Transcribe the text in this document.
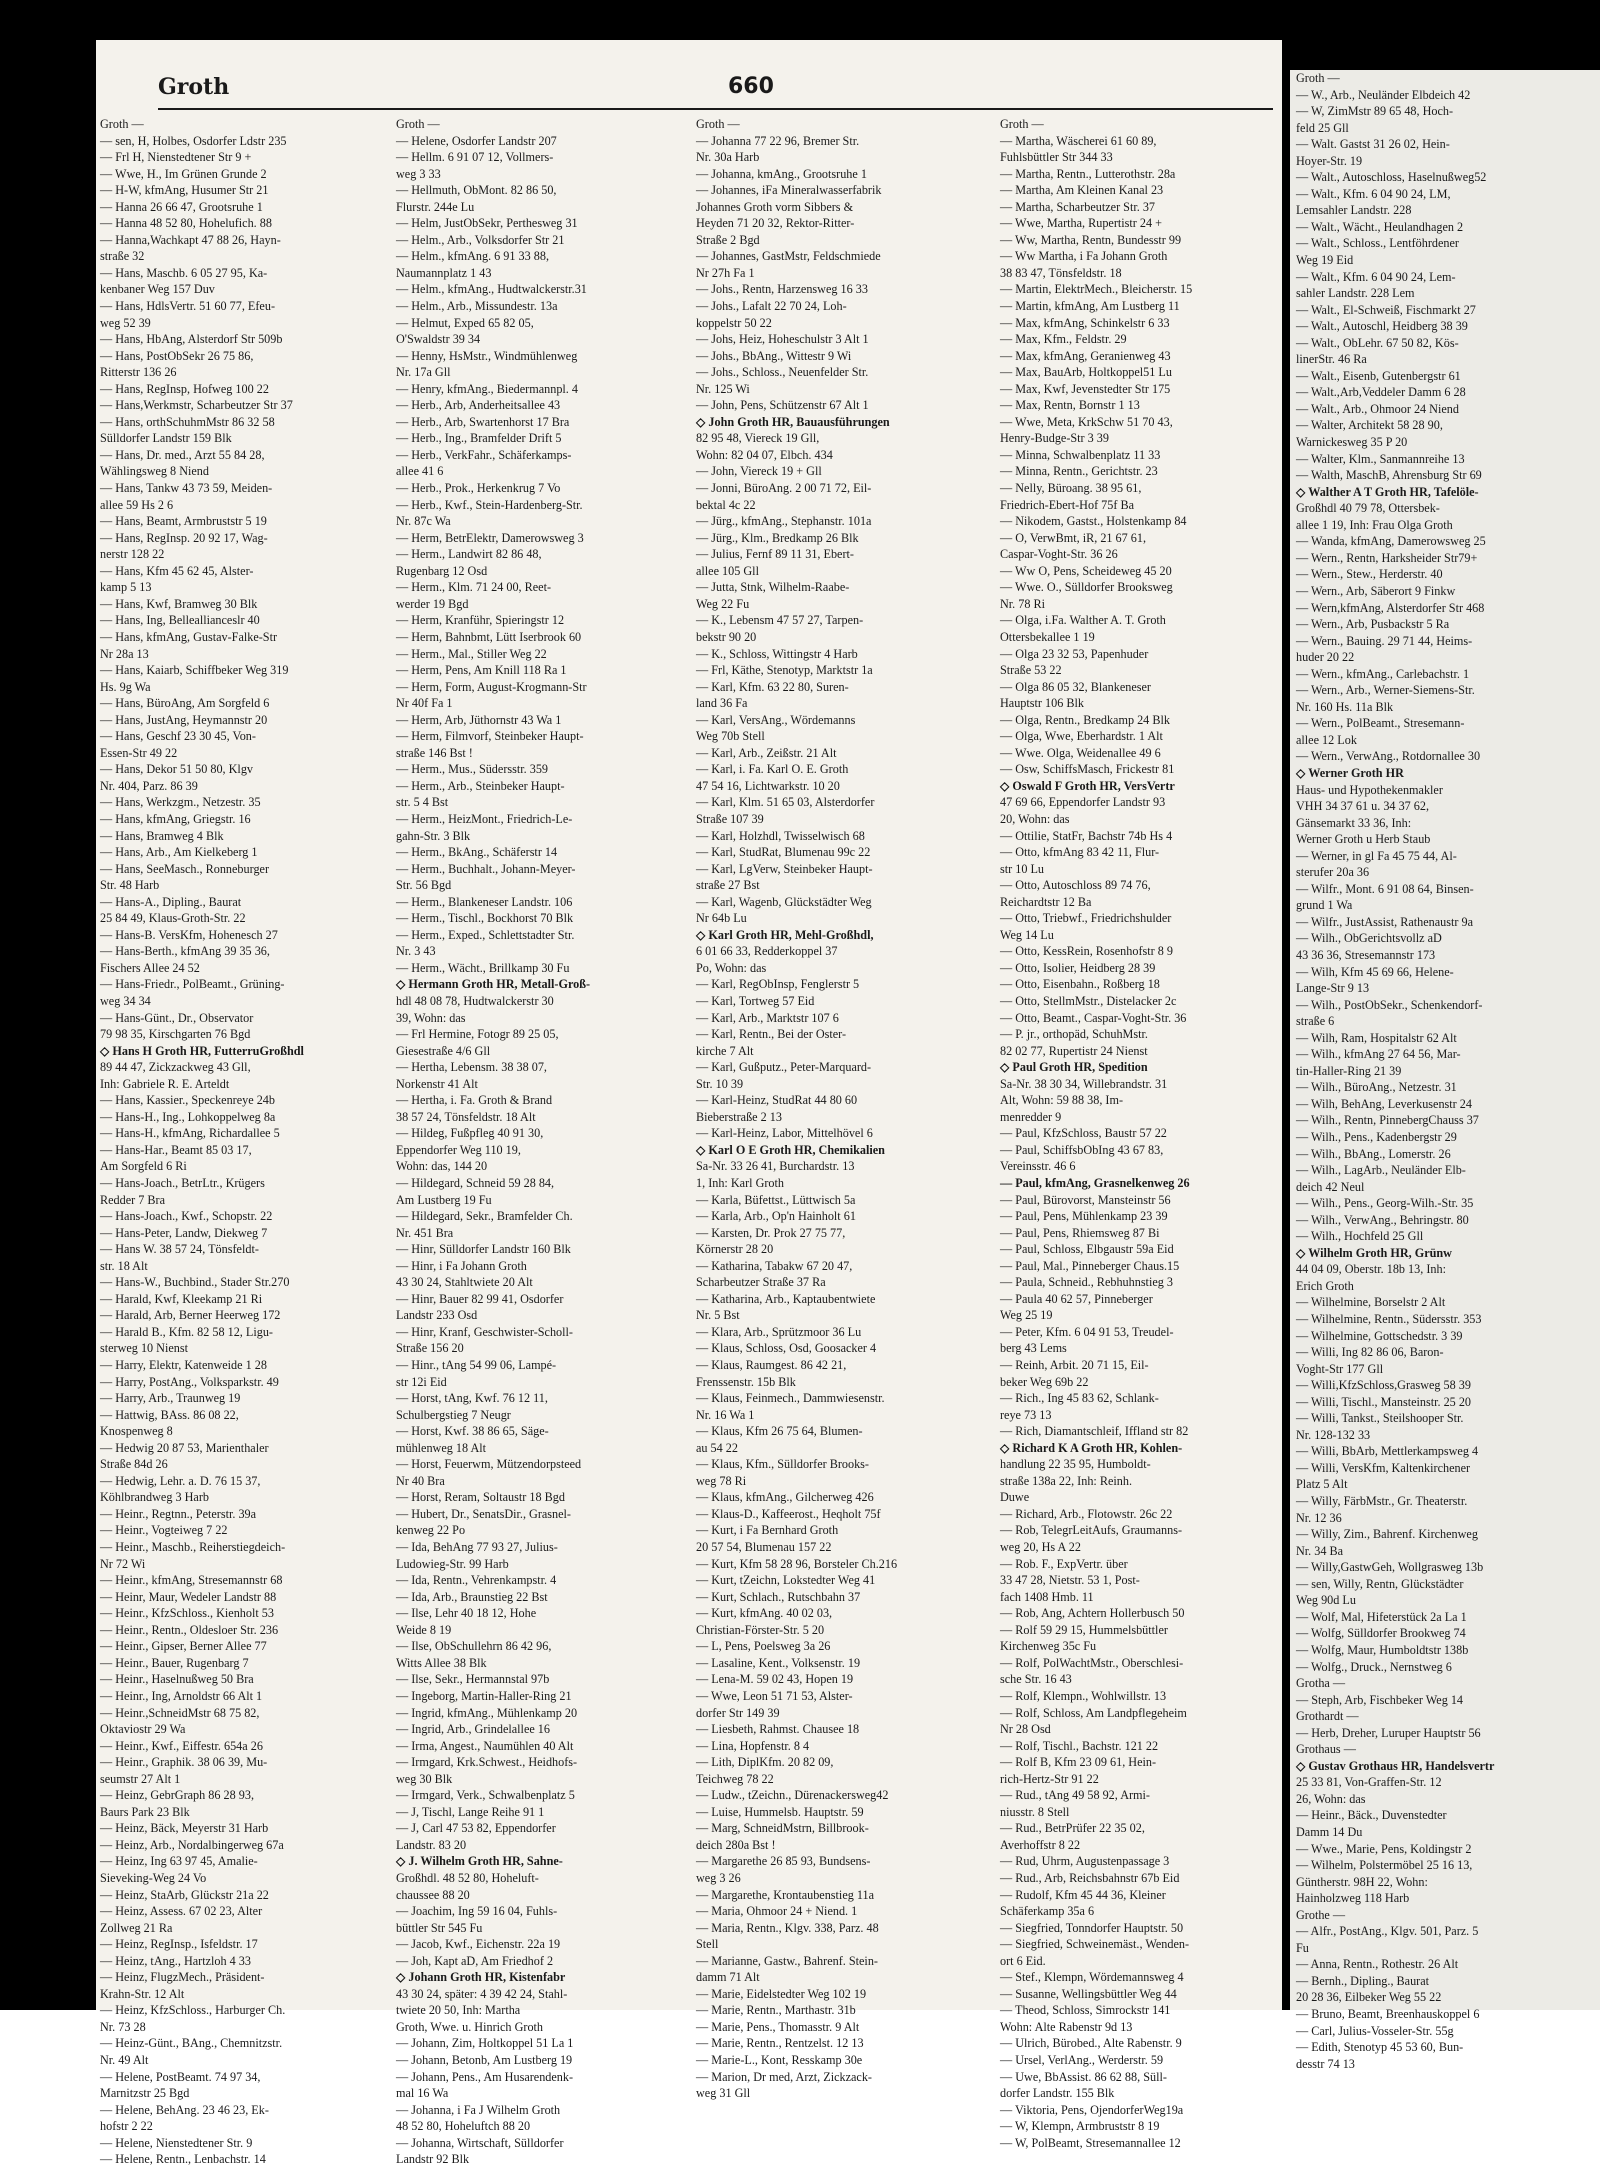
Groth	660
Groth —
— sen, H, Holbes, Osdorfer Ldstr 235
— Frl H, Nienstedtener Str 9 +
— Wwe, H., Im Grünen Grunde 2
— H-W, kfmAng, Husumer Str 21
— Hanna 26 66 47, Grootsruhe 1
— Hanna 48 52 80, Hohelufich. 88
— Hanna,Wachkapt 47 88 26, Hayn-
straße 32
— Hans, Maschb. 6 05 27 95, Ka-
kenbaner Weg 157 Duv
— Hans, HdlsVertr. 51 60 77, Efeu-
weg 52 39
— Hans, HbAng, Alsterdorf Str 509b
— Hans, PostObSekr 26 75 86,
Ritterstr 136 26
— Hans, RegInsp, Hofweg 100 22
— Hans,Werkmstr, Scharbeutzer Str 37
— Hans, orthSchuhmMstr 86 32 58
Sülldorfer Landstr 159 Blk
— Hans, Dr. med., Arzt 55 84 28,
Wählingsweg 8 Niend
— Hans, Tankw 43 73 59, Meiden-
allee 59 Hs 2 6
— Hans, Beamt, Armbruststr 5 19
— Hans, RegInsp. 20 92 17, Wag-
nerstr 128 22
— Hans, Kfm 45 62 45, Alster-
kamp 5 13
— Hans, Kwf, Bramweg 30 Blk
— Hans, Ing, Belleallianceslr 40
— Hans, kfmAng, Gustav-Falke-Str
Nr 28a 13
— Hans, Kaiarb, Schiffbeker Weg 319
Hs. 9g Wa
— Hans, BüroAng, Am Sorgfeld 6
— Hans, JustAng, Heymannstr 20
— Hans, Geschf 23 30 45, Von-
Essen-Str 49 22
— Hans, Dekor 51 50 80, Klgv
Nr. 404, Parz. 86 39
— Hans, Werkzgm., Netzestr. 35
— Hans, kfmAng, Griegstr. 16
— Hans, Bramweg 4 Blk
— Hans, Arb., Am Kielkeberg 1
— Hans, SeeMasch., Ronneburger
Str. 48 Harb
— Hans-A., Dipling., Baurat
25 84 49, Klaus-Groth-Str. 22
— Hans-B. VersKfm, Hohenesch 27
— Hans-Berth., kfmAng 39 35 36,
Fischers Allee 24 52
— Hans-Friedr., PolBeamt., Grüning-
weg 34 34
— Hans-Günt., Dr., Observator
79 98 35, Kirschgarten 76 Bgd
◇ Hans H Groth HR, FutterruGroßhdl
89 44 47, Zickzackweg 43 Gll,
Inh: Gabriele R. E. Arteldt
— Hans, Kassier., Speckenreye 24b
— Hans-H., Ing., Lohkoppelweg 8a
— Hans-H., kfmAng, Richardallee 5
— Hans-Har., Beamt 85 03 17,
Am Sorgfeld 6 Ri
— Hans-Joach., BetrLtr., Krügers
Redder 7 Bra
— Hans-Joach., Kwf., Schopstr. 22
— Hans-Peter, Landw, Diekweg 7
— Hans W. 38 57 24, Tönsfeldt-
str. 18 Alt
— Hans-W., Buchbind., Stader Str.270
— Harald, Kwf, Kleekamp 21 Ri
— Harald, Arb, Berner Heerweg 172
— Harald B., Kfm. 82 58 12, Ligu-
sterweg 10 Nienst
— Harry, Elektr, Katenweide 1 28
— Harry, PostAng., Volksparkstr. 49
— Harry, Arb., Traunweg 19
— Hattwig, BAss. 86 08 22,
Knospenweg 8
— Hedwig 20 87 53, Marienthaler
Straße 84d 26
— Hedwig, Lehr. a. D. 76 15 37,
Köhlbrandweg 3 Harb
— Heinr., Regtnn., Peterstr. 39a
— Heinr., Vogteiweg 7 22
— Heinr., Maschb., Reiherstiegdeich-
Nr 72 Wi
— Heinr., kfmAng, Stresemannstr 68
— Heinr, Maur, Wedeler Landstr 88
— Heinr., KfzSchloss., Kienholt 53
— Heinr., Rentn., Oldesloer Str. 236
— Heinr., Gipser, Berner Allee 77
— Heinr., Bauer, Rugenbarg 7
— Heinr., Haselnußweg 50 Bra
— Heinr., Ing, Arnoldstr 66 Alt 1
— Heinr.,SchneidMstr 68 75 82,
Oktaviostr 29 Wa
— Heinr., Kwf., Eiffestr. 654a 26
— Heinr., Graphik. 38 06 39, Mu-
seumstr 27 Alt 1
— Heinz, GebrGraph 86 28 93,
Baurs Park 23 Blk
— Heinz, Bäck, Meyerstr 31 Harb
— Heinz, Arb., Nordalbingerweg 67a
— Heinz, Ing 63 97 45, Amalie-
Sieveking-Weg 24 Vo
— Heinz, StaArb, Glückstr 21a 22
— Heinz, Assess. 67 02 23, Alter
Zollweg 21 Ra
— Heinz, RegInsp., Isfeldstr. 17
— Heinz, tAng., Hartzloh 4 33
— Heinz, FlugzMech., Präsident-
Krahn-Str. 12 Alt
— Heinz, KfzSchloss., Harburger Ch.
Nr. 73 28
— Heinz-Günt., BAng., Chemnitzstr.
Nr. 49 Alt
— Helene, PostBeamt. 74 97 34,
Marnitzstr 25 Bgd
— Helene, BehAng. 23 46 23, Ek-
hofstr 2 22
— Helene, Nienstedtener Str. 9
— Helene, Rentn., Lenbachstr. 14
Groth —
— Helene, Osdorfer Landstr 207
— Hellm. 6 91 07 12, Vollmers-
weg 3 33
— Hellmuth, ObMont. 82 86 50,
Flurstr. 244e Lu
— Helm, JustObSekr, Perthesweg 31
— Helm., Arb., Volksdorfer Str 21
— Helm., kfmAng. 6 91 33 88,
Naumannplatz 1 43
— Helm., kfmAng., Hudtwalckerstr.31
— Helm., Arb., Missundestr. 13a
— Helmut, Exped 65 82 05,
O'Swaldstr 39 34
— Henny, HsMstr., Windmühlenweg
Nr. 17a Gll
— Henry, kfmAng., Biedermannpl. 4
— Herb., Arb, Anderheitsallee 43
— Herb., Arb, Swartenhorst 17 Bra
— Herb., Ing., Bramfelder Drift 5
— Herb., VerkFahr., Schäferkamps-
allee 41 6
— Herb., Prok., Herkenkrug 7 Vo
— Herb., Kwf., Stein-Hardenberg-Str.
Nr. 87c Wa
— Herm, BetrElektr, Damerowsweg 3
— Herm., Landwirt 82 86 48,
Rugenbarg 12 Osd
— Herm., Klm. 71 24 00, Reet-
werder 19 Bgd
— Herm, Kranführ, Spieringstr 12
— Herm, Bahnbmt, Lütt Iserbrook 60
— Herm., Mal., Stiller Weg 22
— Herm, Pens, Am Knill 118 Ra 1
— Herm, Form, August-Krogmann-Str
Nr 40f Fa 1
— Herm, Arb, Jüthornstr 43 Wa 1
— Herm, Filmvorf, Steinbeker Haupt-
straße 146 Bst !
— Herm., Mus., Südersstr. 359
— Herm., Arb., Steinbeker Haupt-
str. 5 4 Bst
— Herm., HeizMont., Friedrich-Le-
gahn-Str. 3 Blk
— Herm., BkAng., Schäferstr 14
— Herm., Buchhalt., Johann-Meyer-
Str. 56 Bgd
— Herm., Blankeneser Landstr. 106
— Herm., Tischl., Bockhorst 70 Blk
— Herm., Exped., Schlettstadter Str.
Nr. 3 43
— Herm., Wächt., Brillkamp 30 Fu
◇ Hermann Groth HR, Metall-Groß-
hdl 48 08 78, Hudtwalckerstr 30
39, Wohn: das
— Frl Hermine, Fotogr 89 25 05,
Giesestraße 4/6 Gll
— Hertha, Lebensm. 38 38 07,
Norkenstr 41 Alt
— Hertha, i. Fa. Groth & Brand
38 57 24, Tönsfeldstr. 18 Alt
— Hildeg, Fußpfleg 40 91 30,
Eppendorfer Weg 110 19,
Wohn: das, 144 20
— Hildegard, Schneid 59 28 84,
Am Lustberg 19 Fu
— Hildegard, Sekr., Bramfelder Ch.
Nr. 451 Bra
— Hinr, Sülldorfer Landstr 160 Blk
— Hinr, i Fa Johann Groth
43 30 24, Stahltwiete 20 Alt
— Hinr, Bauer 82 99 41, Osdorfer
Landstr 233 Osd
— Hinr, Kranf, Geschwister-Scholl-
Straße 156 20
— Hinr., tAng 54 99 06, Lampé-
str 12i Eid
— Horst, tAng, Kwf. 76 12 11,
Schulbergstieg 7 Neugr
— Horst, Kwf. 38 86 65, Säge-
mühlenweg 18 Alt
— Horst, Feuerwm, Mützendorpsteed
Nr 40 Bra
— Horst, Reram, Soltaustr 18 Bgd
— Hubert, Dr., SenatsDir., Grasnel-
kenweg 22 Po
— Ida, BehAng 77 93 27, Julius-
Ludowieg-Str. 99 Harb
— Ida, Rentn., Vehrenkampstr. 4
— Ida, Arb., Braunstieg 22 Bst
— Ilse, Lehr 40 18 12, Hohe
Weide 8 19
— Ilse, ObSchullehrn 86 42 96,
Witts Allee 38 Blk
— Ilse, Sekr., Hermannstal 97b
— Ingeborg, Martin-Haller-Ring 21
— Ingrid, kfmAng., Mühlenkamp 20
— Ingrid, Arb., Grindelallee 16
— Irma, Angest., Naumühlen 40 Alt
— Irmgard, Krk.Schwest., Heidhofs-
weg 30 Blk
— Irmgard, Verk., Schwalbenplatz 5
— J, Tischl, Lange Reihe 91 1
— J, Carl 47 53 82, Eppendorfer
Landstr. 83 20
◇ J. Wilhelm Groth HR, Sahne-
Großhdl. 48 52 80, Hoheluft-
chaussee 88 20
— Joachim, Ing 59 16 04, Fuhls-
büttler Str 545 Fu
— Jacob, Kwf., Eichenstr. 22a 19
— Joh, Kapt aD, Am Friedhof 2
◇ Johann Groth HR, Kistenfabr
43 30 24, später: 4 39 42 24, Stahl-
twiete 20 50, Inh: Martha
Groth, Wwe. u. Hinrich Groth
— Johann, Zim, Holtkoppel 51 La 1
— Johann, Betonb, Am Lustberg 19
— Johann, Pens., Am Husarendenk-
mal 16 Wa
— Johanna, i Fa J Wilhelm Groth
48 52 80, Hoheluftch 88 20
— Johanna, Wirtschaft, Sülldorfer
Landstr 92 Blk
Groth —
— Johanna 77 22 96, Bremer Str.
Nr. 30a Harb
— Johanna, kmAng., Grootsruhe 1
— Johannes, iFa Mineralwasserfabrik
Johannes Groth vorm Sibbers &
Heyden 71 20 32, Rektor-Ritter-
Straße 2 Bgd
— Johannes, GastMstr, Feldschmiede
Nr 27h Fa 1
— Johs., Rentn, Harzensweg 16 33
— Johs., Lafalt 22 70 24, Loh-
koppelstr 50 22
— Johs, Heiz, Hoheschulstr 3 Alt 1
— Johs., BbAng., Wittestr 9 Wi
— Johs., Schloss., Neuenfelder Str.
Nr. 125 Wi
— John, Pens, Schützenstr 67 Alt 1
◇ John Groth HR, Bauausführungen
82 95 48, Viereck 19 Gll,
Wohn: 82 04 07, Elbch. 434
— John, Viereck 19 + Gll
— Jonni, BüroAng. 2 00 71 72, Eil-
bektal 4c 22
— Jürg., kfmAng., Stephanstr. 101a
— Jürg., Klm., Bredkamp 26 Blk
— Julius, Fernf 89 11 31, Ebert-
allee 105 Gll
— Jutta, Stnk, Wilhelm-Raabe-
Weg 22 Fu
— K., Lebensm 47 57 27, Tarpen-
bekstr 90 20
— K., Schloss, Wittingstr 4 Harb
— Frl, Käthe, Stenotyp, Marktstr 1a
— Karl, Kfm. 63 22 80, Suren-
land 36 Fa
— Karl, VersAng., Wördemanns
Weg 70b Stell
— Karl, Arb., Zeißstr. 21 Alt
— Karl, i. Fa. Karl O. E. Groth
47 54 16, Lichtwarkstr. 10 20
— Karl, Klm. 51 65 03, Alsterdorfer
Straße 107 39
— Karl, Holzhdl, Twisselwisch 68
— Karl, StudRat, Blumenau 99c 22
— Karl, LgVerw, Steinbeker Haupt-
straße 27 Bst
— Karl, Wagenb, Glückstädter Weg
Nr 64b Lu
◇ Karl Groth HR, Mehl-Großhdl,
6 01 66 33, Redderkoppel 37
Po, Wohn: das
— Karl, RegObInsp, Fenglerstr 5
— Karl, Tortweg 57 Eid
— Karl, Arb., Marktstr 107 6
— Karl, Rentn., Bei der Oster-
kirche 7 Alt
— Karl, Gußputz., Peter-Marquard-
Str. 10 39
— Karl-Heinz, StudRat 44 80 60
Bieberstraße 2 13
— Karl-Heinz, Labor, Mittelhövel 6
◇ Karl O E Groth HR, Chemikalien
Sa-Nr. 33 26 41, Burchardstr. 13
1, Inh: Karl Groth
— Karla, Büfettst., Lüttwisch 5a
— Karla, Arb., Op'n Hainholt 61
— Karsten, Dr. Prok 27 75 77,
Körnerstr 28 20
— Katharina, Tabakw 67 20 47,
Scharbeutzer Straße 37 Ra
— Katharina, Arb., Kaptaubentwiete
Nr. 5 Bst
— Klara, Arb., Sprützmoor 36 Lu
— Klaus, Schloss, Osd, Goosacker 4
— Klaus, Raumgest. 86 42 21,
Frenssenstr. 15b Blk
— Klaus, Feinmech., Dammwiesenstr.
Nr. 16 Wa 1
— Klaus, Kfm 26 75 64, Blumen-
au 54 22
— Klaus, Kfm., Sülldorfer Brooks-
weg 78 Ri
— Klaus, kfmAng., Gilcherweg 426
— Klaus-D., Kaffeerost., Heqholt 75f
— Kurt, i Fa Bernhard Groth
20 57 54, Blumenau 157 22
— Kurt, Kfm 58 28 96, Borsteler Ch.216
— Kurt, tZeichn, Lokstedter Weg 41
— Kurt, Schlach., Rutschbahn 37
— Kurt, kfmAng. 40 02 03,
Christian-Förster-Str. 5 20
— L, Pens, Poelsweg 3a 26
— Lasaline, Kent., Volksenstr. 19
— Lena-M. 59 02 43, Hopen 19
— Wwe, Leon 51 71 53, Alster-
dorfer Str 149 39
— Liesbeth, Rahmst. Chausee 18
— Lina, Hopfenstr. 8 4
— Lith, DiplKfm. 20 82 09,
Teichweg 78 22
— Ludw., tZeichn., Dürenackersweg42
— Luise, Hummelsb. Hauptstr. 59
— Marg, SchneidMstrn, Billbrook-
deich 280a Bst !
— Margarethe 26 85 93, Bundsens-
weg 3 26
— Margarethe, Krontaubenstieg 11a
— Maria, Ohmoor 24 + Niend. 1
— Maria, Rentn., Klgv. 338, Parz. 48
Stell
— Marianne, Gastw., Bahrenf. Stein-
damm 71 Alt
— Marie, Eidelstedter Weg 102 19
— Marie, Rentn., Marthastr. 31b
— Marie, Pens., Thomasstr. 9 Alt
— Marie, Rentn., Rentzelst. 12 13
— Marie-L., Kont, Resskamp 30e
— Marion, Dr med, Arzt, Zickzack-
weg 31 Gll
Groth —
— Martha, Wäscherei 61 60 89,
Fuhlsbüttler Str 344 33
— Martha, Rentn., Lutterothstr. 28a
— Martha, Am Kleinen Kanal 23
— Martha, Scharbeutzer Str. 37
— Wwe, Martha, Rupertistr 24 +
— Ww, Martha, Rentn, Bundesstr 99
— Ww Martha, i Fa Johann Groth
38 83 47, Tönsfeldstr. 18
— Martin, ElektrMech., Bleicherstr. 15
— Martin, kfmAng, Am Lustberg 11
— Max, kfmAng, Schinkelstr 6 33
— Max, Kfm., Feldstr. 29
— Max, kfmAng, Geranienweg 43
— Max, BauArb, Holtkoppel51 Lu
— Max, Kwf, Jevenstedter Str 175
— Max, Rentn, Bornstr 1 13
— Wwe, Meta, KrkSchw 51 70 43,
Henry-Budge-Str 3 39
— Minna, Schwalbenplatz 11 33
— Minna, Rentn., Gerichtstr. 23
— Nelly, Büroang. 38 95 61,
Friedrich-Ebert-Hof 75f Ba
— Nikodem, Gastst., Holstenkamp 84
— O, VerwBmt, iR, 21 67 61,
Caspar-Voght-Str. 36 26
— Ww O, Pens, Scheideweg 45 20
— Wwe. O., Sülldorfer Brooksweg
Nr. 78 Ri
— Olga, i.Fa. Walther A. T. Groth
Ottersbekallee 1 19
— Olga 23 32 53, Papenhuder
Straße 53 22
— Olga 86 05 32, Blankeneser
Hauptstr 106 Blk
— Olga, Rentn., Bredkamp 24 Blk
— Olga, Wwe, Eberhardstr. 1 Alt
— Wwe. Olga, Weidenallee 49 6
— Osw, SchiffsMasch, Frickestr 81
◇ Oswald F Groth HR, VersVertr
47 69 66, Eppendorfer Landstr 93
20, Wohn: das
— Ottilie, StatFr, Bachstr 74b Hs 4
— Otto, kfmAng 83 42 11, Flur-
str 10 Lu
— Otto, Autoschloss 89 74 76,
Reichardtstr 12 Ba
— Otto, Triebwf., Friedrichshulder
Weg 14 Lu
— Otto, KessRein, Rosenhofstr 8 9
— Otto, Isolier, Heidberg 28 39
— Otto, Eisenbahn., Roßberg 18
— Otto, StellmMstr., Distelacker 2c
— Otto, Beamt., Caspar-Voght-Str. 36
— P. jr., orthopäd, SchuhMstr.
82 02 77, Rupertistr 24 Nienst
◇ Paul Groth HR, Spedition
Sa-Nr. 38 30 34, Willebrandstr. 31
Alt, Wohn: 59 88 38, Im-
menredder 9
— Paul, KfzSchloss, Baustr 57 22
— Paul, SchiffsbObIng 43 67 83,
Vereinsstr. 46 6
— Paul, kfmAng, Grasnelkenweg 26
— Paul, Bürovorst, Mansteinstr 56
— Paul, Pens, Mühlenkamp 23 39
— Paul, Pens, Rhiemsweg 87 Bi
— Paul, Schloss, Elbgaustr 59a Eid
— Paul, Mal., Pinneberger Chaus.15
— Paula, Schneid., Rebhuhnstieg 3
— Paula 40 62 57, Pinneberger
Weg 25 19
— Peter, Kfm. 6 04 91 53, Treudel-
berg 43 Lems
— Reinh, Arbit. 20 71 15, Eil-
beker Weg 69b 22
— Rich., Ing 45 83 62, Schlank-
reye 73 13
— Rich, Diamantschleif, Iffland str 82
◇ Richard K A Groth HR, Kohlen-
handlung 22 35 95, Humboldt-
straße 138a 22, Inh: Reinh.
Duwe
— Richard, Arb., Flotowstr. 26c 22
— Rob, TelegrLeitAufs, Graumanns-
weg 20, Hs A 22
— Rob. F., ExpVertr. über
33 47 28, Nietstr. 53 1, Post-
fach 1408 Hmb. 11
— Rob, Ang, Achtern Hollerbusch 50
— Rolf 59 29 15, Hummelsbüttler
Kirchenweg 35c Fu
— Rolf, PolWachtMstr., Oberschlesi-
sche Str. 16 43
— Rolf, Klempn., Wohlwillstr. 13
— Rolf, Schloss, Am Landpflegeheim
Nr 28 Osd
— Rolf, Tischl., Bachstr. 121 22
— Rolf B, Kfm 23 09 61, Hein-
rich-Hertz-Str 91 22
— Rud., tAng 49 58 92, Armi-
niusstr. 8 Stell
— Rud., BetrPrüfer 22 35 02,
Averhoffstr 8 22
— Rud, Uhrm, Augustenpassage 3
— Rud., Arb, Reichsbahnstr 67b Eid
— Rudolf, Kfm 45 44 36, Kleiner
Schäferkamp 35a 6
— Siegfried, Tonndorfer Hauptstr. 50
— Siegfried, Schweinemäst., Wenden-
ort 6 Eid.
— Stef., Klempn, Wördemannsweg 4
— Susanne, Wellingsbüttler Weg 44
— Theod, Schloss, Simrockstr 141
Wohn: Alte Rabenstr 9d 13
— Ulrich, Bürobed., Alte Rabenstr. 9
— Ursel, VerlAng., Werderstr. 59
— Uwe, BbAssist. 86 62 88, Süll-
dorfer Landstr. 155 Blk
— Viktoria, Pens, OjendorferWeg19a
— W, Klempn, Armbruststr 8 19
— W, PolBeamt, Stresemannallee 12
Groth —
— W., Arb., Neuländer Elbdeich 42
— W, ZimMstr 89 65 48, Hoch-
feld 25 Gll
— Walt. Gastst 31 26 02, Hein-
Hoyer-Str. 19
— Walt., Autoschloss, Haselnußweg52
— Walt., Kfm. 6 04 90 24, LM,
Lemsahler Landstr. 228
— Walt., Wächt., Heulandhagen 2
— Walt., Schloss., Lentföhrdener
Weg 19 Eid
— Walt., Kfm. 6 04 90 24, Lem-
sahler Landstr. 228 Lem
— Walt., El-Schweiß, Fischmarkt 27
— Walt., Autoschl, Heidberg 38 39
— Walt., ObLehr. 67 50 82, Kös-
linerStr. 46 Ra
— Walt., Eisenb, Gutenbergstr 61
— Walt.,Arb,Veddeler Damm 6 28
— Walt., Arb., Ohmoor 24 Niend
— Walter, Architekt 58 28 90,
Warnickesweg 35 P 20
— Walter, Klm., Sanmannreihe 13
— Walth, MaschB, Ahrensburg Str 69
◇ Walther A T Groth HR, Tafelöle-
Großhdl 40 79 78, Ottersbek-
allee 1 19, Inh: Frau Olga Groth
— Wanda, kfmAng, Damerowsweg 25
— Wern., Rentn, Harksheider Str79+
— Wern., Stew., Herderstr. 40
— Wern., Arb, Säberort 9 Finkw
— Wern,kfmAng, Alsterdorfer Str 468
— Wern., Arb, Pusbackstr 5 Ra
— Wern., Bauing. 29 71 44, Heims-
huder 20 22
— Wern., kfmAng., Carlebachstr. 1
— Wern., Arb., Werner-Siemens-Str.
Nr. 160 Hs. 11a Blk
— Wern., PolBeamt., Stresemann-
allee 12 Lok
— Wern., VerwAng., Rotdornallee 30
◇ Werner Groth HR
Haus- und Hypothekenmakler
VHH 34 37 61 u. 34 37 62,
Gänsemarkt 33 36, Inh:
Werner Groth u Herb Staub
— Werner, in gl Fa 45 75 44, Al-
sterufer 20a 36
— Wilfr., Mont. 6 91 08 64, Binsen-
grund 1 Wa
— Wilfr., JustAssist, Rathenaustr 9a
— Wilh., ObGerichtsvollz aD
43 36 36, Stresemannstr 173
— Wilh, Kfm 45 69 66, Helene-
Lange-Str 9 13
— Wilh., PostObSekr., Schenkendorf-
straße 6
— Wilh, Ram, Hospitalstr 62 Alt
— Wilh., kfmAng 27 64 56, Mar-
tin-Haller-Ring 21 39
— Wilh., BüroAng., Netzestr. 31
— Wilh, BehAng, Leverkusenstr 24
— Wilh., Rentn, PinnebergChauss 37
— Wilh., Pens., Kadenbergstr 29
— Wilh., BbAng., Lomerstr. 26
— Wilh., LagArb., Neuländer Elb-
deich 42 Neul
— Wilh., Pens., Georg-Wilh.-Str. 35
— Wilh., VerwAng., Behringstr. 80
— Wilh., Hochfeld 25 Gll
◇ Wilhelm Groth HR, Grünw
44 04 09, Oberstr. 18b 13, Inh:
Erich Groth
— Wilhelmine, Borselstr 2 Alt
— Wilhelmine, Rentn., Südersstr. 353
— Wilhelmine, Gottschedstr. 3 39
— Willi, Ing 82 86 06, Baron-
Voght-Str 177 Gll
— Willi,KfzSchloss,Grasweg 58 39
— Willi, Tischl., Mansteinstr. 25 20
— Willi, Tankst., Steilshooper Str.
Nr. 128-132 33
— Willi, BbArb, Mettlerkampsweg 4
— Willi, VersKfm, Kaltenkirchener
Platz 5 Alt
— Willy, FärbMstr., Gr. Theaterstr.
Nr. 12 36
— Willy, Zim., Bahrenf. Kirchenweg
Nr. 34 Ba
— Willy,GastwGeh, Wollgrasweg 13b
— sen, Willy, Rentn, Glückstädter
Weg 90d Lu
— Wolf, Mal, Hifeterstück 2a La 1
— Wolfg, Sülldorfer Brookweg 74
— Wolfg, Maur, Humboldtstr 138b
— Wolfg., Druck., Nernstweg 6
Grotha —
— Steph, Arb, Fischbeker Weg 14
Grothardt —
— Herb, Dreher, Luruper Hauptstr 56
Grothaus —
◇ Gustav Grothaus HR, Handelsvertr
25 33 81, Von-Graffen-Str. 12
26, Wohn: das
— Heinr., Bäck., Duvenstedter
Damm 14 Du
— Wwe., Marie, Pens, Koldingstr 2
— Wilhelm, Polstermöbel 25 16 13,
Güntherstr. 98H 22, Wohn:
Hainholzweg 118 Harb
Grothe —
— Alfr., PostAng., Klgv. 501, Parz. 5
Fu
— Anna, Rentn., Rothestr. 26 Alt
— Bernh., Dipling., Baurat
20 28 36, Eilbeker Weg 55 22
— Bruno, Beamt, Breenhauskoppel 6
— Carl, Julius-Vosseler-Str. 55g
— Edith, Stenotyp 45 53 60, Bun-
desstr 74 13
